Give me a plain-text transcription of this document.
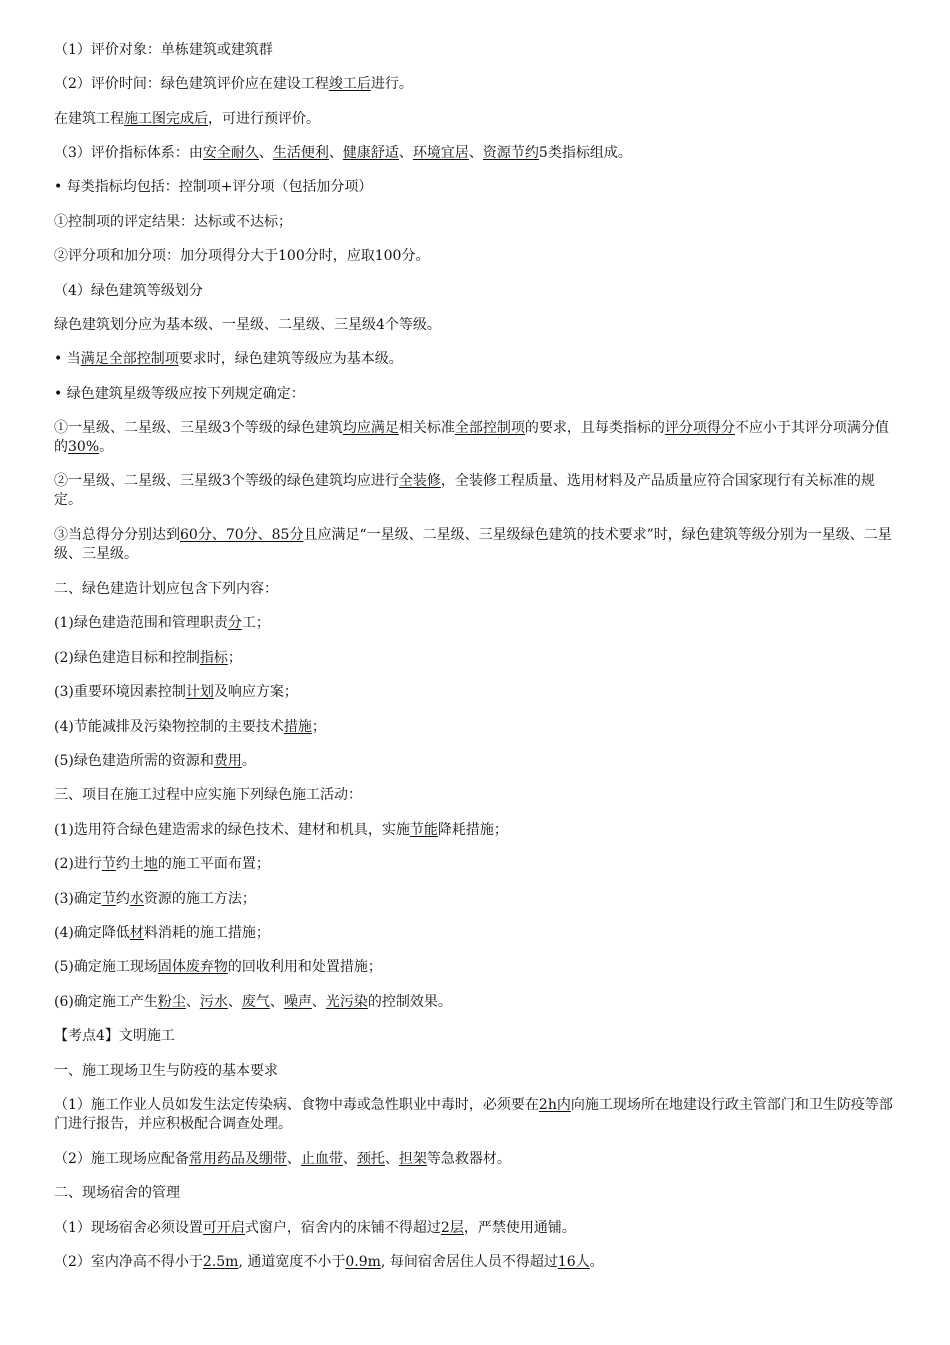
（1）评价对象：单栋建筑或建筑群

（2）评价时间：绿色建筑评价应在建设工程竣工后进行。

在建筑工程施工图完成后，可进行预评价。

（3）评价指标体系：由安全耐久、生活便利、健康舒适、环境宜居、资源节约5类指标组成。

• 每类指标均包括：控制项+评分项（包括加分项）

①控制项的评定结果：达标或不达标；

②评分项和加分项：加分项得分大于100分时，应取100分。

（4）绿色建筑等级划分

绿色建筑划分应为基本级、一星级、二星级、三星级4个等级。

• 当满足全部控制项要求时，绿色建筑等级应为基本级。

• 绿色建筑星级等级应按下列规定确定：

①一星级、二星级、三星级3个等级的绿色建筑均应满足相关标准全部控制项的要求，且每类指标的评分项得分不应小于其评分项满分值的30%。

②一星级、二星级、三星级3个等级的绿色建筑均应进行全装修，全装修工程质量、选用材料及产品质量应符合国家现行有关标准的规定。

③当总得分分别达到60分、70分、85分且应满足“一星级、二星级、三星级绿色建筑的技术要求”时，绿色建筑等级分别为一星级、二星级、三星级。

二、绿色建造计划应包含下列内容：

(1)绿色建造范围和管理职责分工；

(2)绿色建造目标和控制指标；

(3)重要环境因素控制计划及响应方案；

(4)节能减排及污染物控制的主要技术措施；

(5)绿色建造所需的资源和费用。

三、项目在施工过程中应实施下列绿色施工活动：

(1)选用符合绿色建造需求的绿色技术、建材和机具，实施节能降耗措施；

(2)进行节约土地的施工平面布置；

(3)确定节约水资源的施工方法；

(4)确定降低材料消耗的施工措施；

(5)确定施工现场固体废弃物的回收利用和处置措施；

(6)确定施工产生粉尘、污水、废气、噪声、光污染的控制效果。

【考点4】文明施工

一、施工现场卫生与防疫的基本要求

（1）施工作业人员如发生法定传染病、食物中毒或急性职业中毒时，必须要在2h内向施工现场所在地建设行政主管部门和卫生防疫等部门进行报告，并应积极配合调查处理。

（2）施工现场应配备常用药品及绷带、止血带、颈托、担架等急救器材。

二、现场宿舍的管理

（1）现场宿舍必须设置可开启式窗户，宿舍内的床铺不得超过2层，严禁使用通铺。

（2）室内净高不得小于2.5m, 通道宽度不小于0.9m, 每间宿舍居住人员不得超过16人。
